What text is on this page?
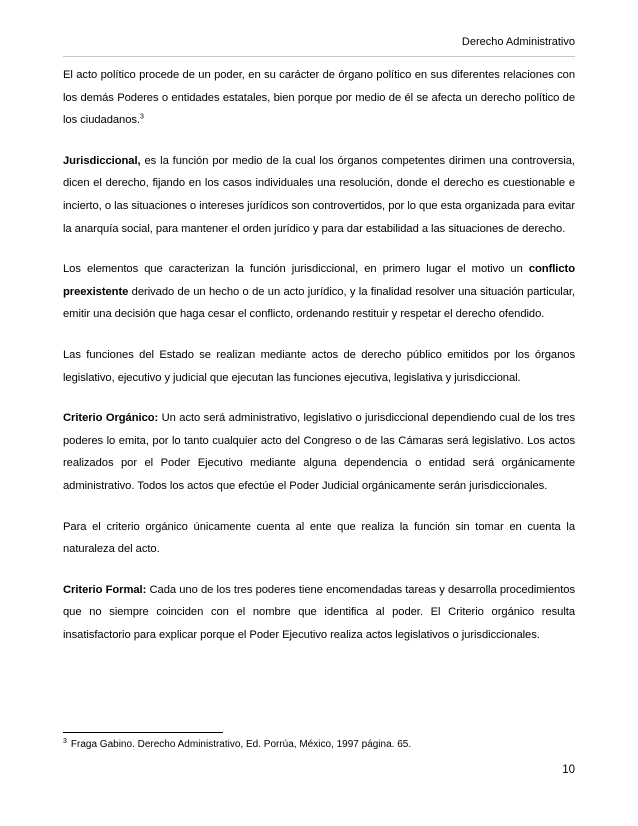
Derecho Administrativo

El acto político procede de un poder, en su carácter de órgano político en sus diferentes relaciones con los demás Poderes o entidades estatales, bien porque por medio de él se afecta un derecho político de los ciudadanos.$^3$

Jurisdiccional, es la función por medio de la cual los órganos competentes dirimen una controversia, dicen el derecho, fijando en los casos individuales una resolución, donde el derecho es cuestionable e incierto, o las situaciones o intereses jurídicos son controvertidos, por lo que esta organizada para evitar la anarquía social, para mantener el orden jurídico y para dar estabilidad a las situaciones de derecho.

Los elementos que caracterizan la función jurisdiccional, en primero lugar el motivo un conflicto preexistente derivado de un hecho o de un acto jurídico, y la finalidad resolver una situación particular, emitir una decisión que haga cesar el conflicto, ordenando restituir y respetar el derecho ofendido.

Las funciones del Estado se realizan mediante actos de derecho público emitidos por los órganos legislativo, ejecutivo y judicial que ejecutan las funciones ejecutiva, legislativa y jurisdiccional.

Criterio Orgánico: Un acto será administrativo, legislativo o jurisdiccional dependiendo cual de los tres poderes lo emita, por lo tanto cualquier acto del Congreso o de las Cámaras será legislativo. Los actos realizados por el Poder Ejecutivo mediante alguna dependencia o entidad será orgánicamente administrativo. Todos los actos que efectúe el Poder Judicial orgánicamente serán jurisdiccionales.

Para el criterio orgánico únicamente cuenta al ente que realiza la función sin tomar en cuenta la naturaleza del acto.

Criterio Formal: Cada uno de los tres poderes tiene encomendadas tareas y desarrolla procedimientos que no siempre coinciden con el nombre que identifica al poder. El Criterio orgánico resulta insatisfactorio para explicar porque el Poder Ejecutivo realiza actos legislativos o jurisdiccionales.

$^3$ Fraga Gabino. Derecho Administrativo, Ed. Porrúa, México, 1997 página. 65.
10
